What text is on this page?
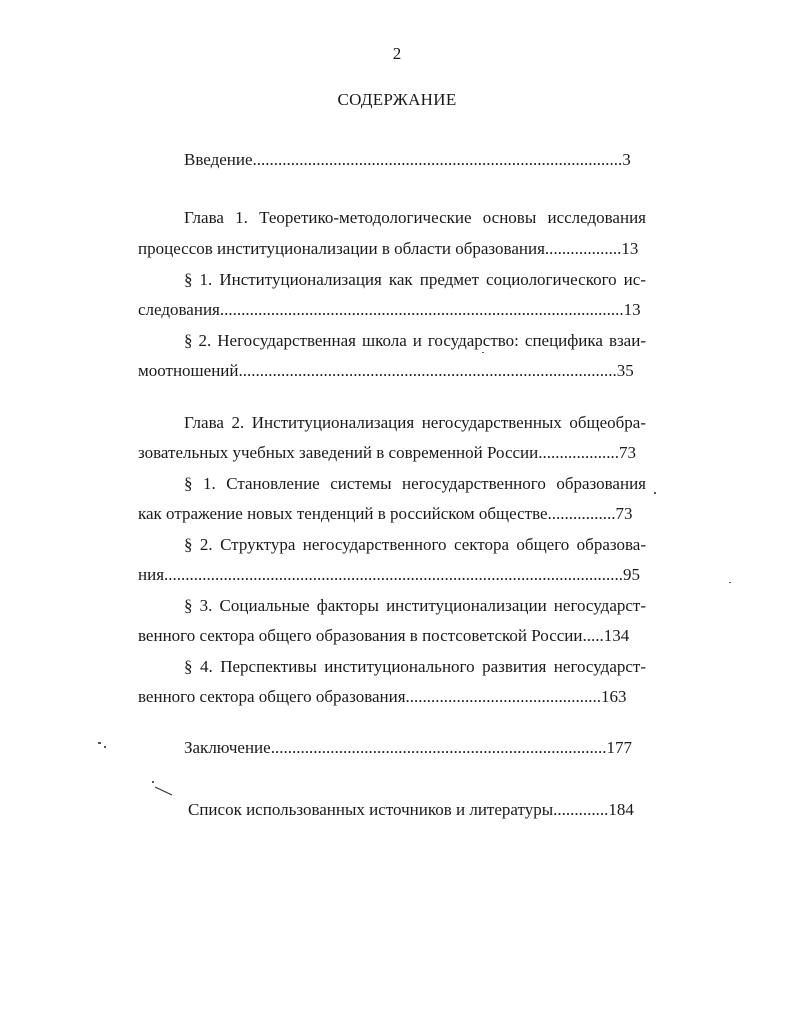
2
СОДЕРЖАНИЕ
Введение.......................................................................................3
Глава 1. Теоретико-методологические основы исследования
процессов институционализации в области образования..................13
§ 1. Институционализация как предмет социологического ис-
следования...............................................................................................13
§ 2. Негосударственная школа и государство: специфика взаи-
моотношений.........................................................................................35
Глава 2. Институционализация негосударственных общеобра-
зовательных учебных заведений в современной России...................73
§ 1. Становление системы негосударственного образования
как отражение новых тенденций в российском обществе................73
§ 2. Структура негосударственного сектора общего образова-
ния............................................................................................................95
§ 3. Социальные факторы институционализации негосударст-
венного сектора общего образования в постсоветской России.....134
§ 4. Перспективы институционального развития негосударст-
венного сектора общего образования..............................................163
Заключение...............................................................................177
Список использованных источников и литературы.............184
